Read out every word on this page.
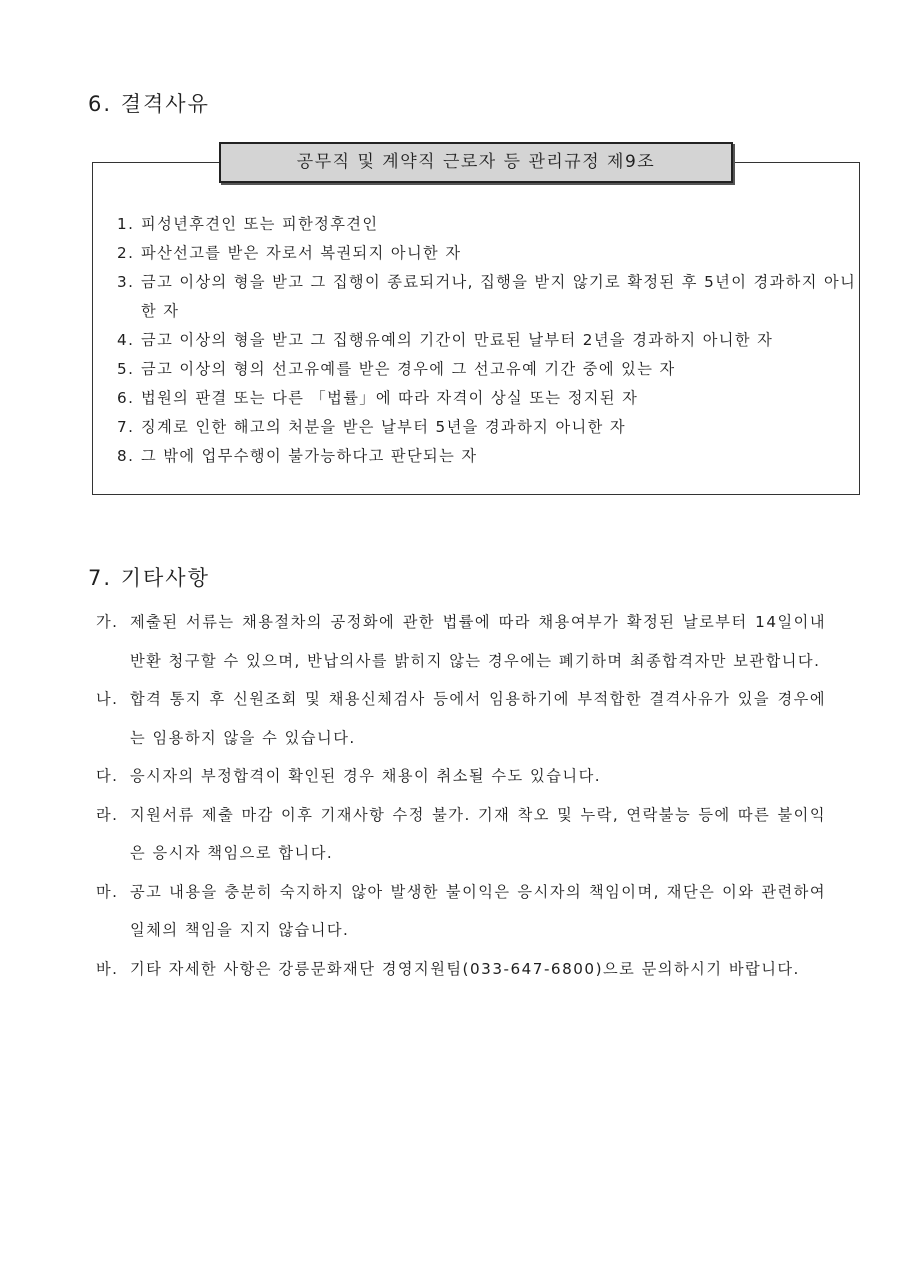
6. 결격사유
공무직 및 계약직 근로자 등 관리규정 제9조
1. 피성년후견인 또는 피한정후견인
2. 파산선고를 받은 자로서 복권되지 아니한 자
3. 금고 이상의 형을 받고 그 집행이 종료되거나, 집행을 받지 않기로 확정된 후 5년이 경과하지 아니한 자
4. 금고 이상의 형을 받고 그 집행유예의 기간이 만료된 날부터 2년을 경과하지 아니한 자
5. 금고 이상의 형의 선고유예를 받은 경우에 그 선고유예 기간 중에 있는 자
6. 법원의 판결 또는 다른 「법률」에 따라 자격이 상실 또는 정지된 자
7. 징계로 인한 해고의 처분을 받은 날부터 5년을 경과하지 아니한 자
8. 그 밖에 업무수행이 불가능하다고 판단되는 자
7. 기타사항
가. 제출된 서류는 채용절차의 공정화에 관한 법률에 따라 채용여부가 확정된 날로부터 14일이내 반환 청구할 수 있으며, 반납의사를 밝히지 않는 경우에는 폐기하며 최종합격자만 보관합니다.
나. 합격 통지 후 신원조회 및 채용신체검사 등에서 임용하기에 부적합한 결격사유가 있을 경우에는 임용하지 않을 수 있습니다.
다. 응시자의 부정합격이 확인된 경우 채용이 취소될 수도 있습니다.
라. 지원서류 제출 마감 이후 기재사항 수정 불가. 기재 착오 및 누락, 연락불능 등에 따른 불이익은 응시자 책임으로 합니다.
마. 공고 내용을 충분히 숙지하지 않아 발생한 불이익은 응시자의 책임이며, 재단은 이와 관련하여 일체의 책임을 지지 않습니다.
바. 기타 자세한 사항은 강릉문화재단 경영지원팀(033-647-6800)으로 문의하시기 바랍니다.
